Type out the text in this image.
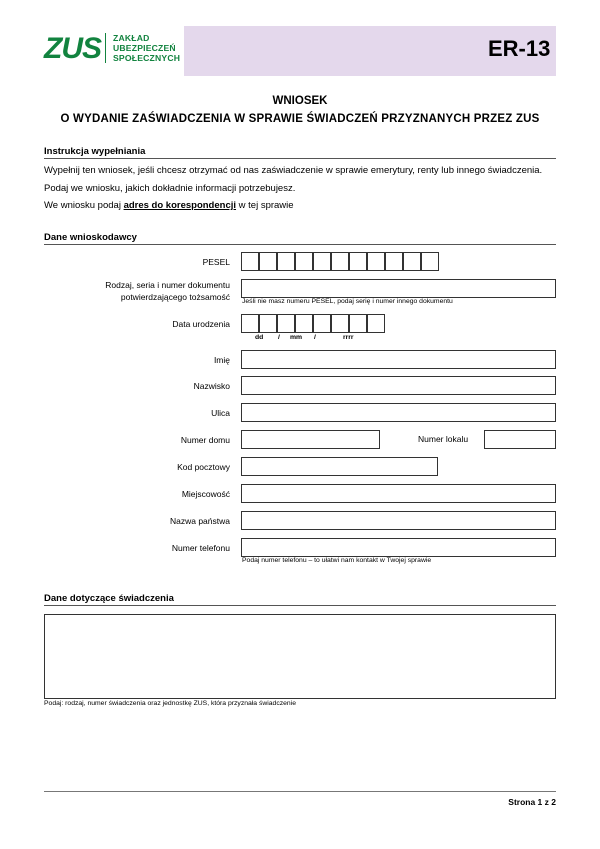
ZUS ZAKŁAD
UBEZPIECZEŃ
SPOŁECZNYCH	ER-13
WNIOSEK
O WYDANIE ZAŚWIADCZENIA W SPRAWIE ŚWIADCZEŃ PRZYZNANYCH PRZEZ ZUS
Instrukcja wypełniania
Wypełnij ten wniosek, jeśli chcesz otrzymać od nas zaświadczenie w sprawie emerytury, renty lub innego świadczenia.
Podaj we wniosku, jakich dokładnie informacji potrzebujesz.
We wniosku podaj adres do korespondencji w tej sprawie
Dane wnioskodawcy
PESEL
Rodzaj, seria i numer dokumentu
potwierdzającego tożsamość Jeśli nie masz numeru PESEL, podaj serię i numer innego dokumentu
Data urodzenia
dd / mm /	rrrr
Imię
Nazwisko
Ulica
Numer domu	Numer lokalu
Kod pocztowy
Miejscowość
Nazwa państwa
Numer telefonu
Podaj numer telefonu – to ułatwi nam kontakt w Twojej sprawie
Dane dotyczące świadczenia
Podaj: rodzaj, numer świadczenia oraz jednostkę ZUS, która przyznała świadczenie
Strona 1 z 2
